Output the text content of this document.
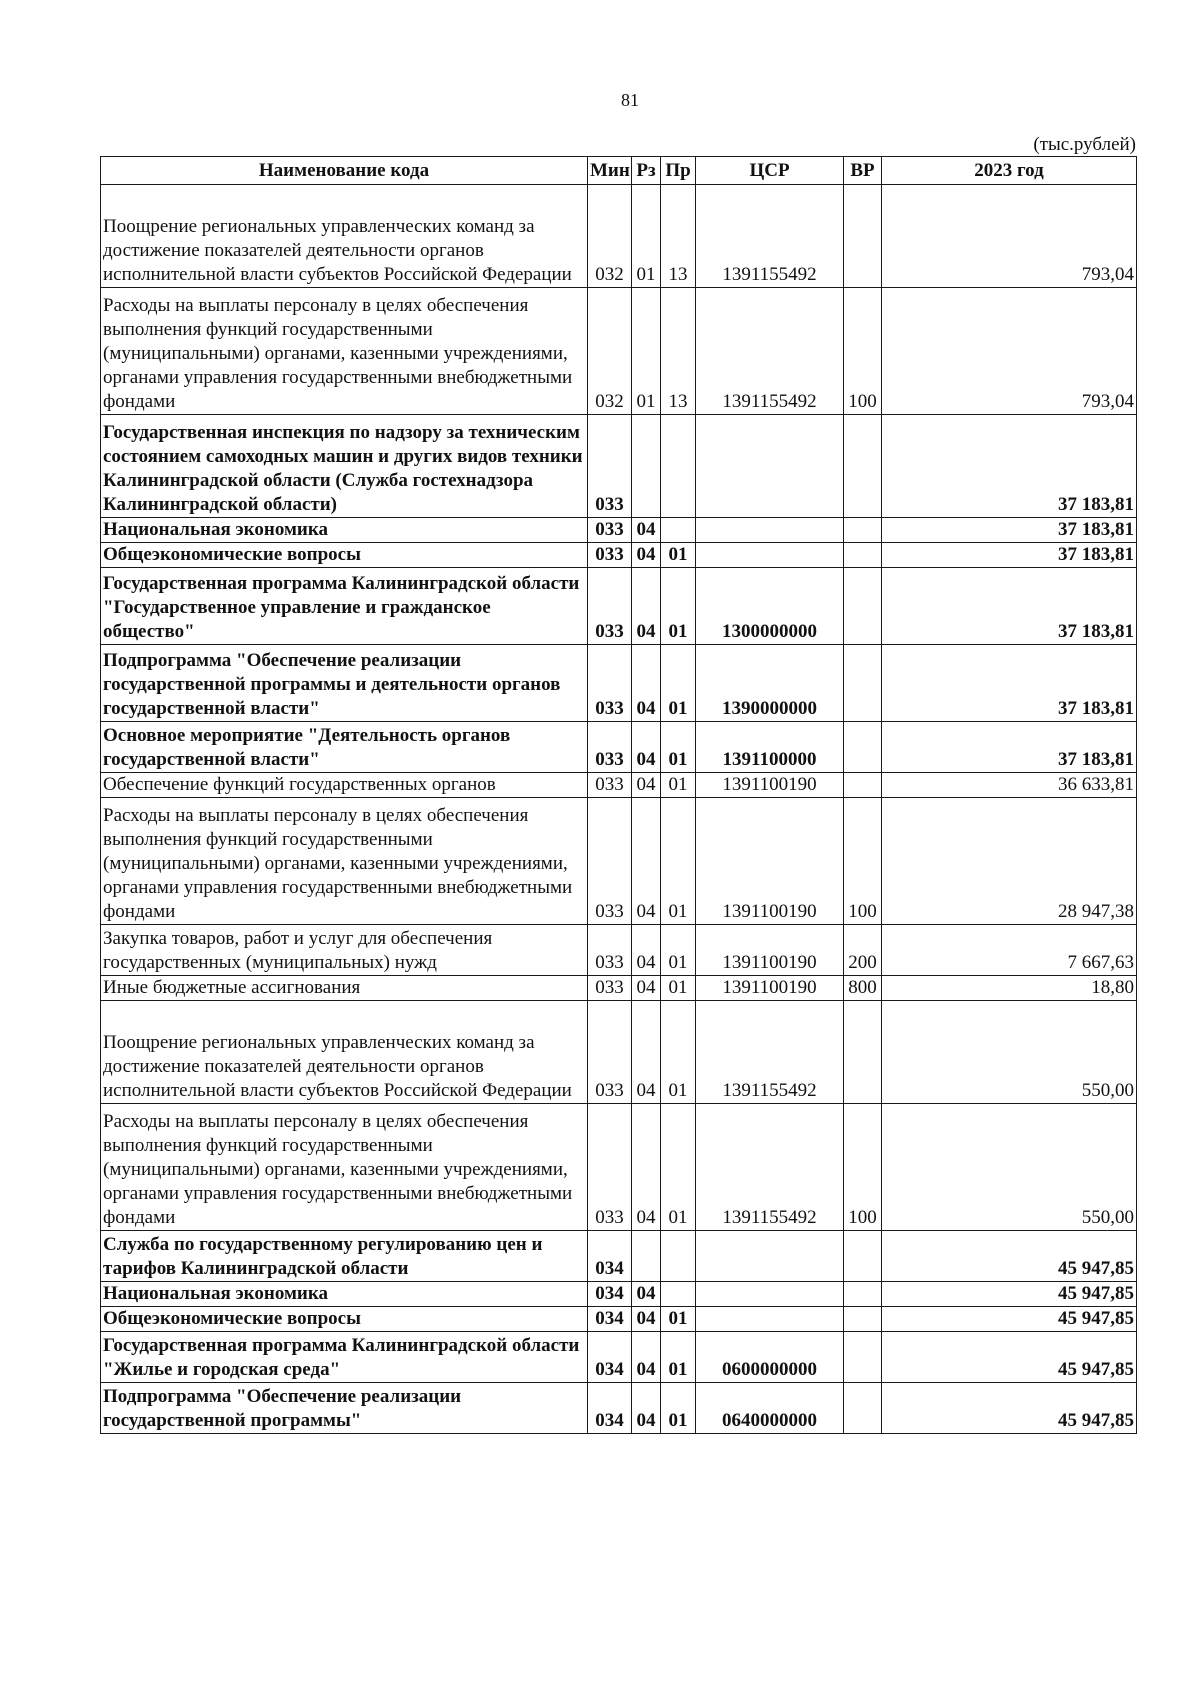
81
(тыс.рублей)
Наименование кода	Мин	Рз	Пр	ЦСР	ВР	2023 год
Поощрение региональных управленческих команд за достижение показателей деятельности органов исполнительной власти субъектов Российской Федерации	032	01	13	1391155492		793,04
Расходы на выплаты персоналу в целях обеспечения выполнения функций государственными (муниципальными) органами, казенными учреждениями, органами управления государственными внебюджетными фондами	032	01	13	1391155492	100	793,04
Государственная инспекция по надзору за техническим состоянием самоходных машин и других видов техники Калининградской области (Служба гостехнадзора Калининградской области)	033					37 183,81
Национальная экономика	033	04				37 183,81
Общеэкономические вопросы	033	04	01			37 183,81
Государственная программа Калининградской области "Государственное управление и гражданское общество"	033	04	01	1300000000		37 183,81
Подпрограмма "Обеспечение реализации государственной программы и деятельности органов государственной власти"	033	04	01	1390000000		37 183,81
Основное мероприятие "Деятельность органов государственной власти"	033	04	01	1391100000		37 183,81
Обеспечение функций государственных органов	033	04	01	1391100190		36 633,81
Расходы на выплаты персоналу в целях обеспечения выполнения функций государственными (муниципальными) органами, казенными учреждениями, органами управления государственными внебюджетными фондами	033	04	01	1391100190	100	28 947,38
Закупка товаров, работ и услуг для обеспечения государственных (муниципальных) нужд	033	04	01	1391100190	200	7 667,63
Иные бюджетные ассигнования	033	04	01	1391100190	800	18,80
Поощрение региональных управленческих команд за достижение показателей деятельности органов исполнительной власти субъектов Российской Федерации	033	04	01	1391155492		550,00
Расходы на выплаты персоналу в целях обеспечения выполнения функций государственными (муниципальными) органами, казенными учреждениями, органами управления государственными внебюджетными фондами	033	04	01	1391155492	100	550,00
Служба по государственному регулированию цен и тарифов Калининградской области	034					45 947,85
Национальная экономика	034	04				45 947,85
Общеэкономические вопросы	034	04	01			45 947,85
Государственная программа Калининградской области "Жилье и городская среда"	034	04	01	0600000000		45 947,85
Подпрограмма "Обеспечение реализации государственной программы"	034	04	01	0640000000		45 947,85
